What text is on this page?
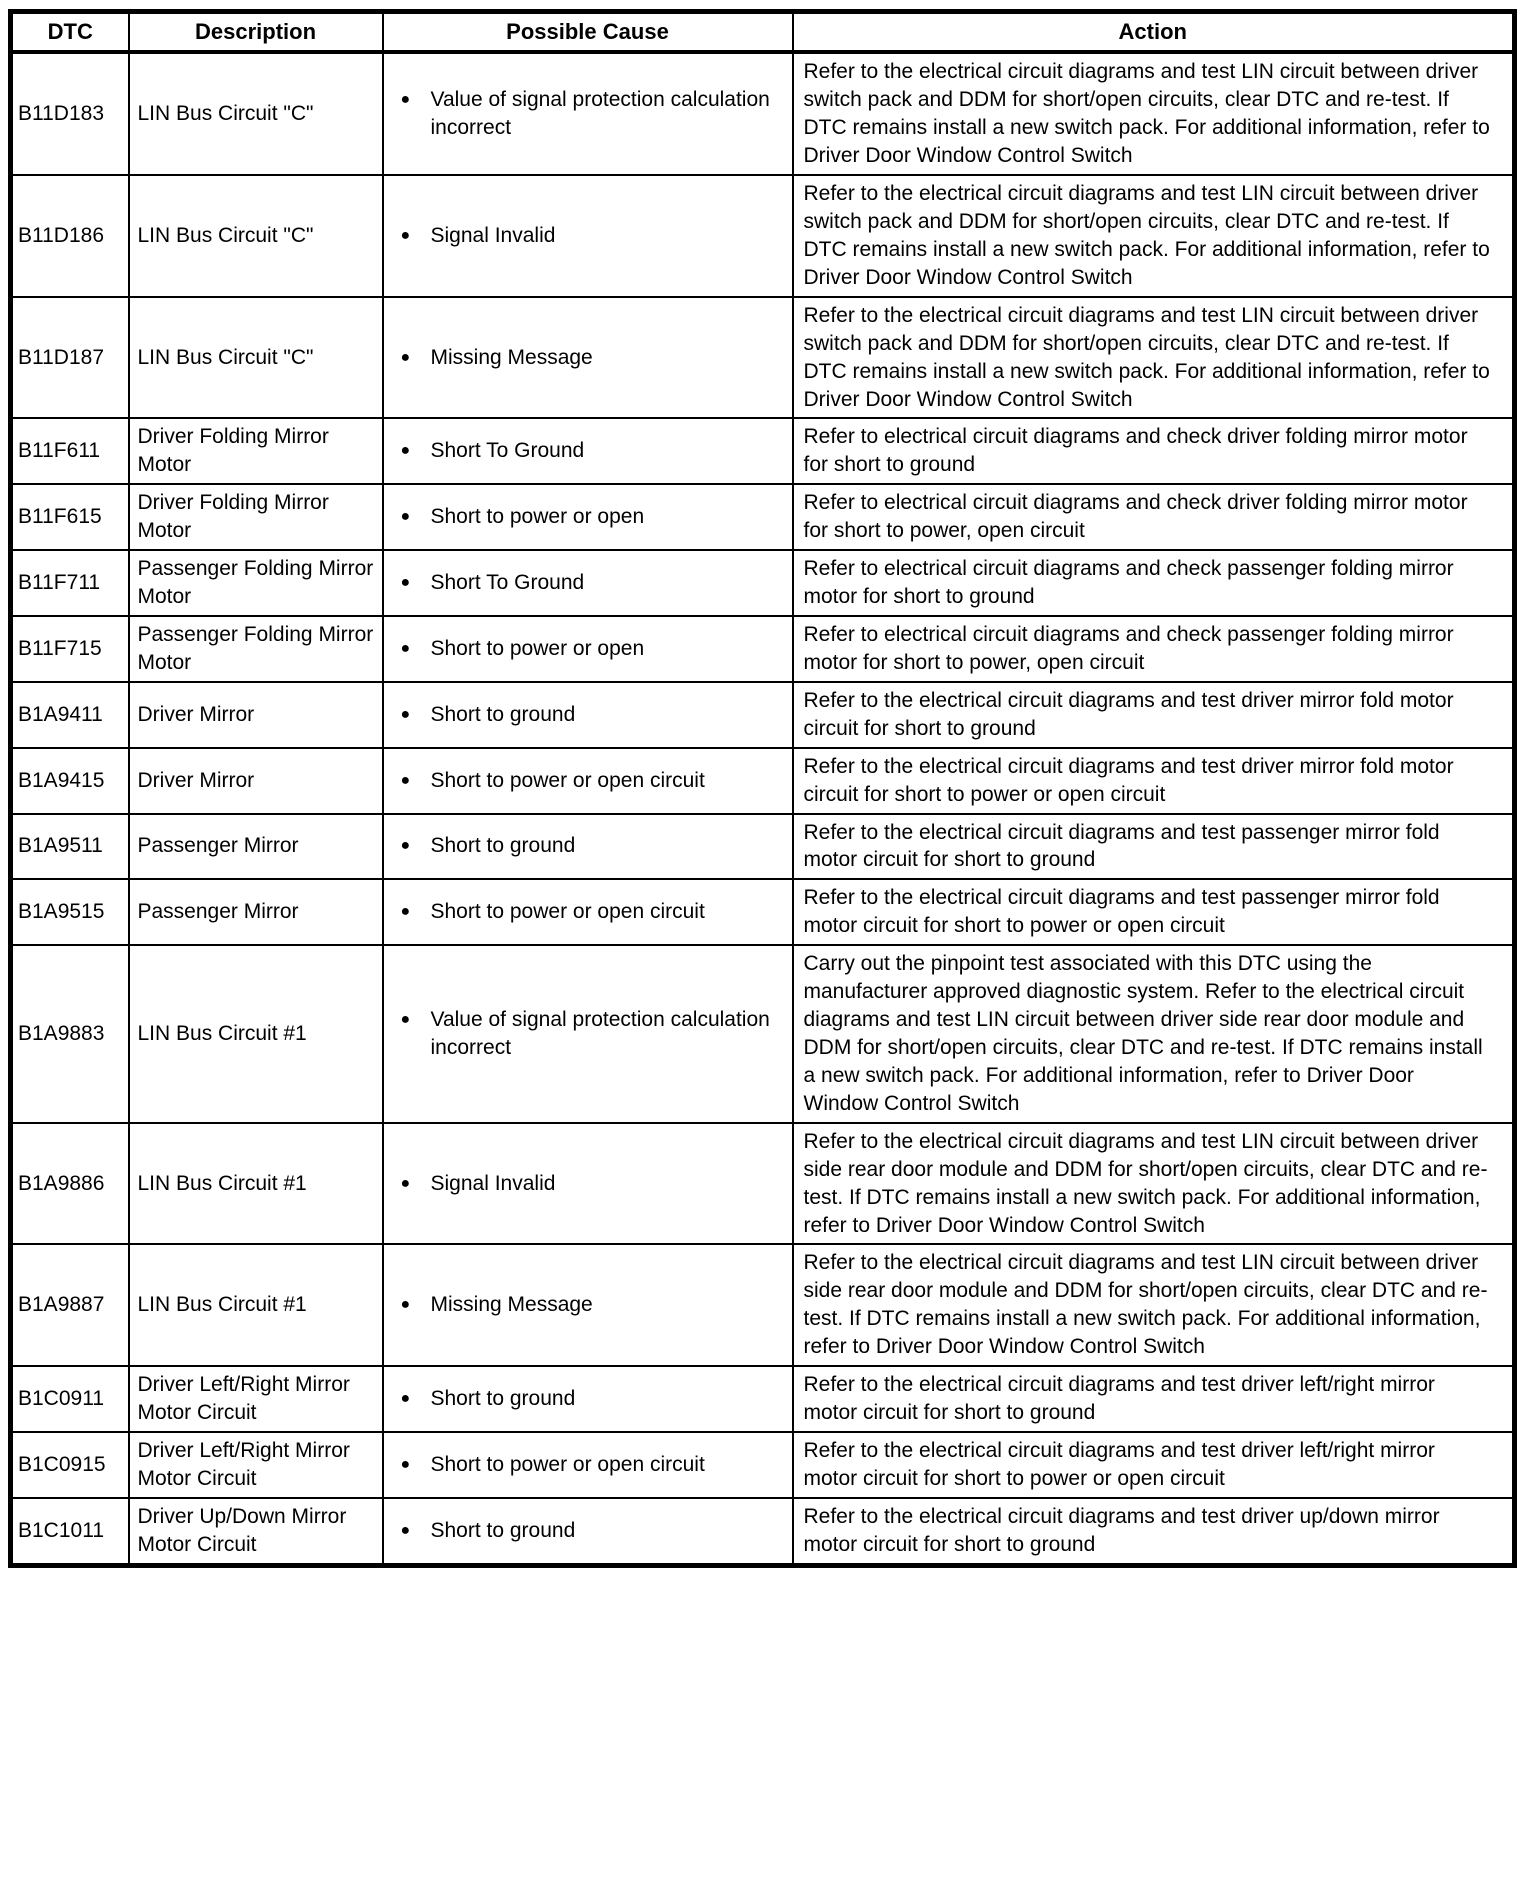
DTC	Description	Possible Cause	Action
B11D183	LIN Bus Circuit "C"	● Value of signal protection calculation incorrect	Refer to the electrical circuit diagrams and test LIN circuit between driver switch pack and DDM for short/open circuits, clear DTC and re-test. If DTC remains install a new switch pack. For additional information, refer to Driver Door Window Control Switch
B11D186	LIN Bus Circuit "C"	● Signal Invalid	Refer to the electrical circuit diagrams and test LIN circuit between driver switch pack and DDM for short/open circuits, clear DTC and re-test. If DTC remains install a new switch pack. For additional information, refer to Driver Door Window Control Switch
B11D187	LIN Bus Circuit "C"	● Missing Message	Refer to the electrical circuit diagrams and test LIN circuit between driver switch pack and DDM for short/open circuits, clear DTC and re-test. If DTC remains install a new switch pack. For additional information, refer to Driver Door Window Control Switch
B11F611	Driver Folding Mirror Motor	● Short To Ground	Refer to electrical circuit diagrams and check driver folding mirror motor for short to ground
B11F615	Driver Folding Mirror Motor	● Short to power or open	Refer to electrical circuit diagrams and check driver folding mirror motor for short to power, open circuit
B11F711	Passenger Folding Mirror Motor	● Short To Ground	Refer to electrical circuit diagrams and check passenger folding mirror motor for short to ground
B11F715	Passenger Folding Mirror Motor	● Short to power or open	Refer to electrical circuit diagrams and check passenger folding mirror motor for short to power, open circuit
B1A9411	Driver Mirror	● Short to ground	Refer to the electrical circuit diagrams and test driver mirror fold motor circuit for short to ground
B1A9415	Driver Mirror	● Short to power or open circuit	Refer to the electrical circuit diagrams and test driver mirror fold motor circuit for short to power or open circuit
B1A9511	Passenger Mirror	● Short to ground	Refer to the electrical circuit diagrams and test passenger mirror fold motor circuit for short to ground
B1A9515	Passenger Mirror	● Short to power or open circuit	Refer to the electrical circuit diagrams and test passenger mirror fold motor circuit for short to power or open circuit
B1A9883	LIN Bus Circuit #1	● Value of signal protection calculation incorrect	Carry out the pinpoint test associated with this DTC using the manufacturer approved diagnostic system. Refer to the electrical circuit diagrams and test LIN circuit between driver side rear door module and DDM for short/open circuits, clear DTC and re-test. If DTC remains install a new switch pack. For additional information, refer to Driver Door Window Control Switch
B1A9886	LIN Bus Circuit #1	● Signal Invalid	Refer to the electrical circuit diagrams and test LIN circuit between driver side rear door module and DDM for short/open circuits, clear DTC and re-test. If DTC remains install a new switch pack. For additional information, refer to Driver Door Window Control Switch
B1A9887	LIN Bus Circuit #1	● Missing Message	Refer to the electrical circuit diagrams and test LIN circuit between driver side rear door module and DDM for short/open circuits, clear DTC and re-test. If DTC remains install a new switch pack. For additional information, refer to Driver Door Window Control Switch
B1C0911	Driver Left/Right Mirror Motor Circuit	● Short to ground	Refer to the electrical circuit diagrams and test driver left/right mirror motor circuit for short to ground
B1C0915	Driver Left/Right Mirror Motor Circuit	● Short to power or open circuit	Refer to the electrical circuit diagrams and test driver left/right mirror motor circuit for short to power or open circuit
B1C1011	Driver Up/Down Mirror Motor Circuit	● Short to ground	Refer to the electrical circuit diagrams and test driver up/down mirror motor circuit for short to ground
